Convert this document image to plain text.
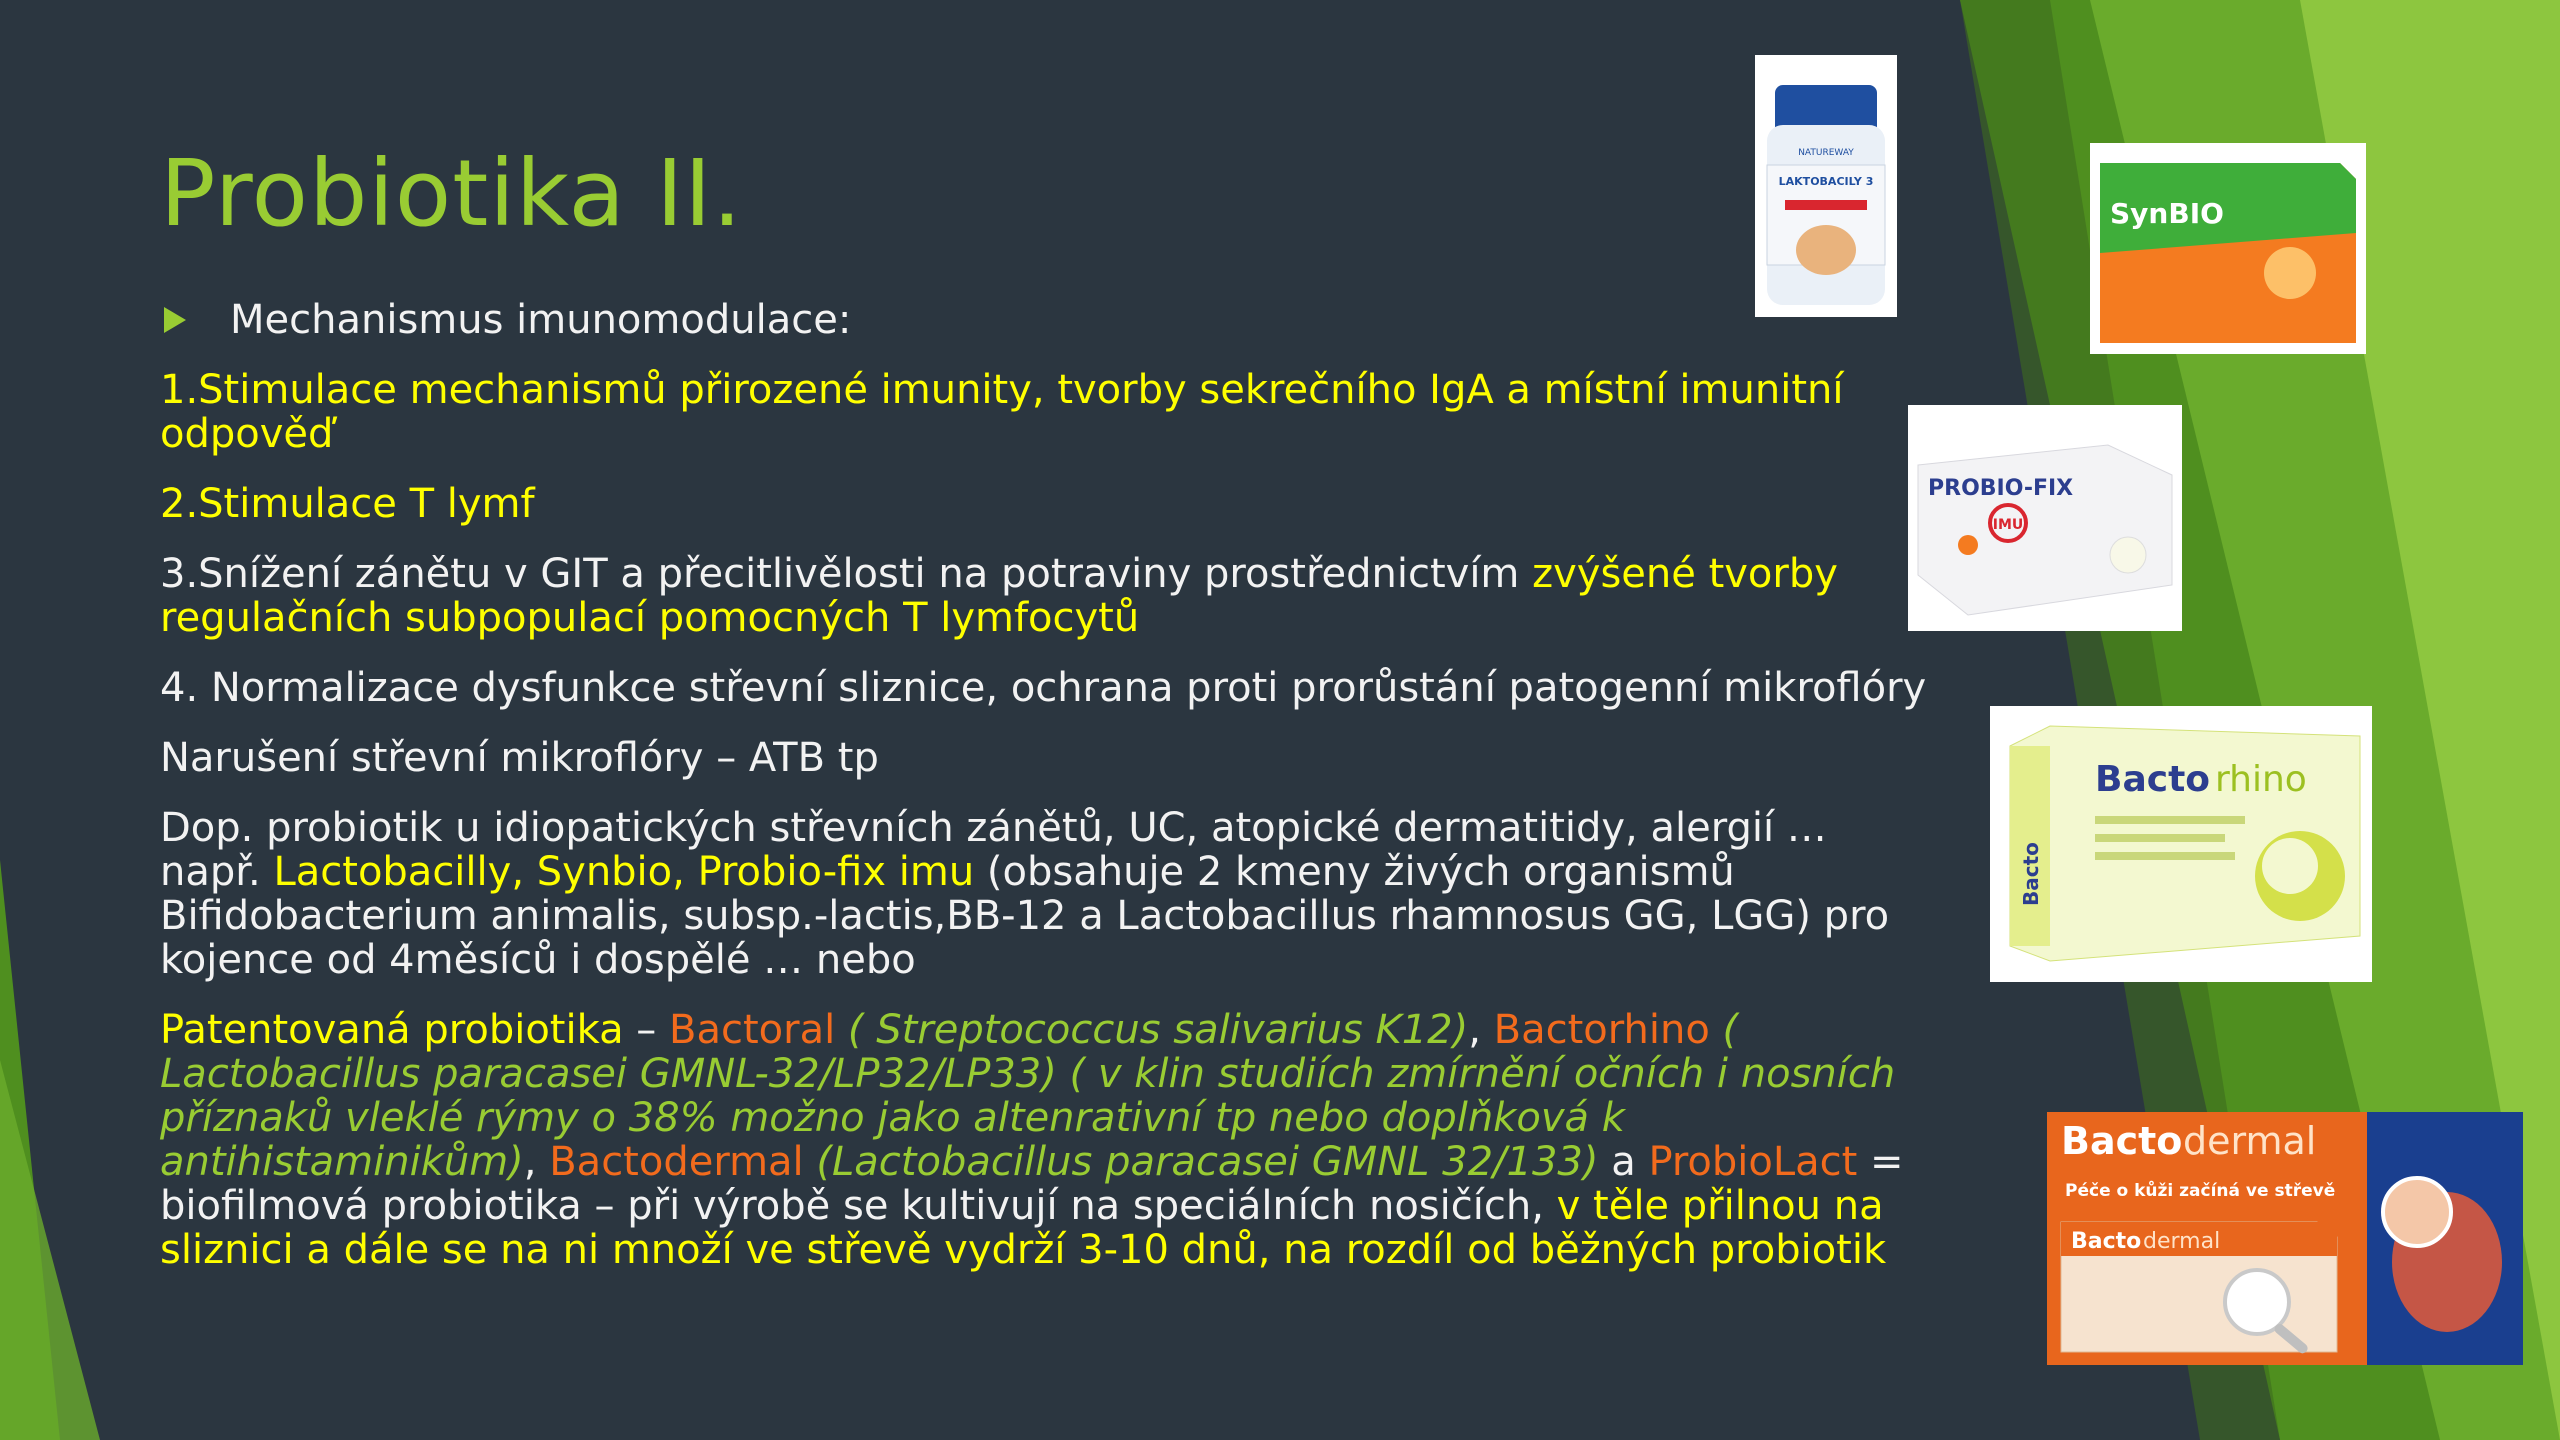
Probiotika II.
Mechanismus imunomodulace:

1.Stimulace mechanismů přirozené imunity, tvorby sekrečního IgA a místní imunitní odpověď

2.Stimulace T lymf

3.Snížení zánětu v GIT a přecitlivělosti na potraviny prostřednictvím zvýšené tvorby regulačních subpopulací pomocných T lymfocytů

4. Normalizace dysfunkce střevní sliznice, ochrana proti prorůstání patogenní mikroflóry

Narušení střevní mikroflóry – ATB tp

Dop. probiotik u idiopatických střevních zánětů, UC, atopické dermatitidy, alergií … např. Lactobacilly, Synbio, Probio-fix imu (obsahuje 2 kmeny živých organismů Bifidobacterium animalis, subsp.-lactis,BB-12 a Lactobacillus rhamnosus GG, LGG) pro kojence od 4měsíců i dospělé … nebo

Patentovaná probiotika – Bactoral ( Streptococcus salivarius K12), Bactorhino ( Lactobacillus paracasei GMNL-32/LP32/LP33) ( v klin studiích zmírnění očních i nosních příznaků vleklé rýmy o 38% možno jako altenrativní tp nebo doplňková k antihistaminikům), Bactodermal (Lactobacillus paracasei GMNL 32/133) a ProbioLact = biofilmová probiotika – při výrobě se kultivují na speciálních nosičích, v těle přilnou na sliznici a dále se na ni množí ve střevě vydrží 3-10 dnů, na rozdíl od běžných probiotik

NATUREWAY
LAKTOBACILY 3
SynBIO
PROBIO-FIX
IMU
Bacto
Bacto rhino
Bacto dermal
Péče o kůži začíná ve střevě
Bacto dermal
